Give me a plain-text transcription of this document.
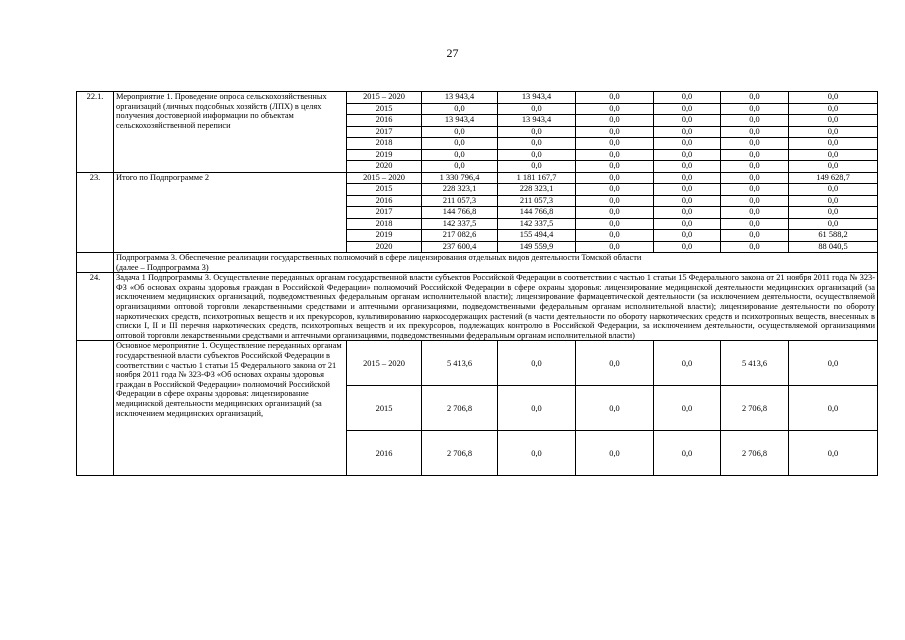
27
22.1.	Мероприятие 1. Проведение опроса сельскохозяйственных организаций (личных подсобных хозяйств (ЛПХ) в целях получения достоверной информации по объектам сельскохозяйственной переписи	2015 – 2020	13 943,4	13 943,4	0,0	0,0	0,0	0,0
		2015	0,0	0,0	0,0	0,0	0,0	0,0
		2016	13 943,4	13 943,4	0,0	0,0	0,0	0,0
		2017	0,0	0,0	0,0	0,0	0,0	0,0
		2018	0,0	0,0	0,0	0,0	0,0	0,0
		2019	0,0	0,0	0,0	0,0	0,0	0,0
		2020	0,0	0,0	0,0	0,0	0,0	0,0
23.	Итого по Подпрограмме 2	2015 – 2020	1 330 796,4	1 181 167,7	0,0	0,0	0,0	149 628,7
		2015	228 323,1	228 323,1	0,0	0,0	0,0	0,0
		2016	211 057,3	211 057,3	0,0	0,0	0,0	0,0
		2017	144 766,8	144 766,8	0,0	0,0	0,0	0,0
		2018	142 337,5	142 337,5	0,0	0,0	0,0	0,0
		2019	217 082,6	155 494,4	0,0	0,0	0,0	61 588,2
		2020	237 600,4	149 559,9	0,0	0,0	0,0	88 040,5

	Подпрограмма 3. Обеспечение реализации государственных полномочий в сфере лицензирования отдельных видов деятельности Томской области
(далее – Подпрограмма 3)							

24.	Задача 1 Подпрограммы 3. Осуществление переданных органам государственной власти субъектов Российской Федерации в соответствии с частью 1 статьи 15 Федерального закона от 21 ноября 2011 года № 323-ФЗ «Об основах охраны здоровья граждан в Российской Федерации» полномочий Российской Федерации в сфере охраны здоровья: лицензирование медицинской деятельности медицинских организаций (за исключением медицинских организаций, подведомственных федеральным органам исполнительной власти); лицензирование фармацевтической деятельности (за исключением деятельности, осуществляемой организациями оптовой торговли лекарственными средствами и аптечными организациями, подведомственными федеральным органам исполнительной власти); лицензирование деятельности по обороту наркотических средств, психотропных веществ и их прекурсоров, культивированию наркосодержащих растений (в части деятельности по обороту наркотических средств и психотропных веществ, внесенных в списки I, II и III перечня наркотических средств, психотропных веществ и их прекурсоров, подлежащих контролю в Российской Федерации, за исключением деятельности, осуществляемой организациями оптовой торговли лекарственными средствами и аптечными организациями, подведомственными федеральным органам исполнительной власти)							
	Основное мероприятие 1. Осуществление переданных органам государственной власти субъектов Российской Федерации в соответствии с частью 1 статьи 15 Федерального закона от 21 ноября 2011 года № 323-ФЗ «Об основах охраны здоровья граждан в Российской Федерации» полномочий Российской Федерации в сфере охраны здоровья: лицензирование медицинской деятельности медицинских организаций (за исключением медицинских организаций,	2015 – 2020	5 413,6	0,0	0,0	0,0	5 413,6	0,0
		2015	2 706,8	0,0	0,0	0,0	2 706,8	0,0
		2016	2 706,8	0,0	0,0	0,0	2 706,8	0,0
